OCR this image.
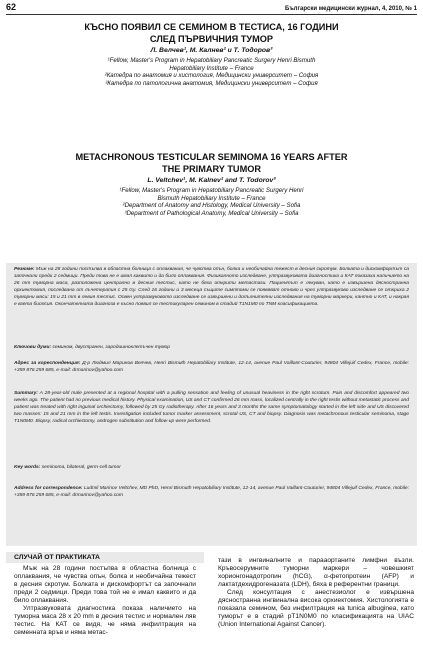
62	Български медицински журнал, 4, 2010, № 1

КЪСНО ПОЯВИЛ СЕ СЕМИНОМ В ТЕСТИСА, 16 ГОДИНИ

СЛЕД ПЪРВИЧНИЯ ТУМОР

Л. Велчев¹, М. Калнев² и Т. Тодоров³

¹Fellow, Master's Program in Hepatobiliary Pancreatic Surgery Henri Bismuth

Hepatobiliary Institute – France

²Катедра по анатомия и хистология, Медицински университет – София

³Катедра по патологична анатомия, Медицински университет – София

METACHRONOUS TESTICULAR SEMINOMA 16 YEARS AFTER

THE PRIMARY TUMOR

L. Veltchev¹, M. Kalnev² and T. Todorov³

¹Fellow, Master's Program in Hepatobiliary Pancreatic Surgery Henri

Bismuth Hepatobiliary Institute – France

²Department of Anatomy and Histology, Medical University – Sofia

³Department of Pathological Anatomy, Medical University – Sofia

Резюме: Мъж на 28 години постъпва в областна болница с оплаквания, че чувства опън, болка и необичайна тежест в десния скротум. Болката и дискомфортът са започнали преди 2 седмици. Преди това не е имал каквито и да било оплаквания. Физикалното изследване, ултразвуковата диагностика и КАТ показаха наличието на 26 mm туморна маса, разположена централно в десния тестис, като не бяха открити метастази. Пациентът е лекуван, като е извършена дясностранна орхиектомия, последвана от лъчетерапия с 25 Gy. След 16 години и 3 месеца същите симптоми се появяват отново и чрез ултразвуково изследване се откриха 2 туморни маси: 15 и 21 mm в левия тестис. Освен ултразвуковото изследване се извършени и допълнителни изследвания на туморни маркери, кантно и КАТ, и накрая е взета биопсия. Окончателната диагноза е късно появил се тестикуларен семином в стадий T1N1M0 по TNM класификацията.

Ключови думи: семином, двустранен, зародишноклетъчен тумор

Адрес за кореспонденция: Д-р Людмил Маринов Велчев, Henri Bismuth Hepatobiliary Institute, 12-14, avenue Paul Vaillant-Couturier, 94804 Villejuif Cedex, France, mobile: +359 876 259 685, e-mail: drmarinov@yahoo.com

Summary: A 28-year-old male presented at a regional hospital with a pulling sensation and feeling of unusual heaviness in the right scrotum. Pain and discomfort appeared two weeks ago. The patient had no previous medical history. Physical examination, US and CT confirmed 26 mm mass, localized centrally in the right testis without metastatic process and patient was treated with right inguinal orchiectomy, followed by 25 Gy radiotherapy. After 16 years and 3 months the same symptomatology started in the left side and US discovered two masses: 15 and 21 mm in the left testis. Investigation included tumor marker assessment, scrotal US, CT and biopsy. Diagnosis was metachronous testicular seminoma, stage T1N0M0. Biopsy, radical orchiectomy, androgen substitution and follow-up were performed.

Key words: seminoma, bilateral, germ-cell tumor

Address for correspondence: Ludmil Marinov Veltchev, MD PhD, Henri Bismuth Hepatobiliary Institute, 12-14, avenue Paul Vaillant-Couturier, 94804 Villejuif Cedex, France, mobile: +359 876 259 685, e-mail: drmarinov@yahoo.com

СЛУЧАЙ ОТ ПРАКТИКАТА

Мъж на 28 години постъпва в областна болница с оплаквания, че чувства опън, болка и необичайна тежест в десния скротум. Болката и дискомфортът са започнали преди 2 седмици. Преди това той не е имал каквито и да било оплаквания.

Ултразвуковата диагностика показа наличието на туморна маса 28 x 20 mm в десния тестис и нормален ляв тестис. На КАТ се видя, че няма инфилтрация на семенната връв и няма метас-

тази в ингвиналните и парааортаните лимфни възли. Кръвосерумните туморни маркери – човешкият хорионгонадотропин (hCG), α-фетопротеин (AFP) и лактатдехидрогеназата (LDH), бяха в референтни граници.

След консултация с анестезиолог е извършена дясностранна ингвинална висока орхиектомия. Хистологията е показала семином, без инфилтрация на tunica albuginea, като туморът е в стадий pT1N0M0 по класификацията на UIAC (Union International Against Cancer).
